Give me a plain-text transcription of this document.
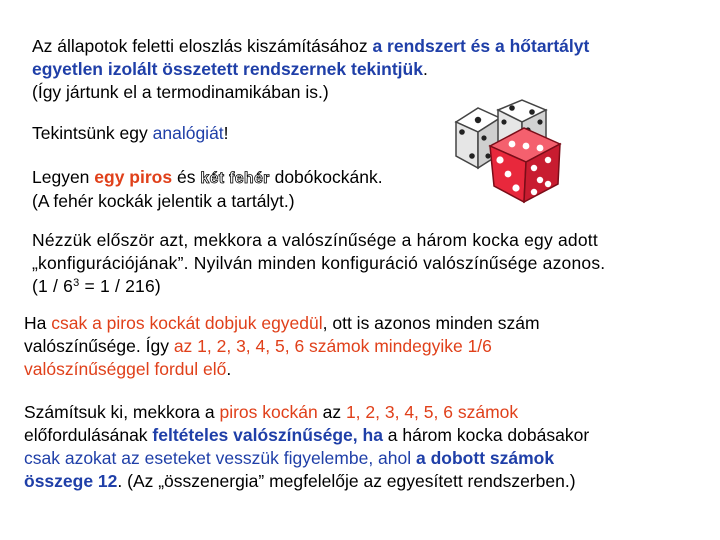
Az állapotok feletti eloszlás kiszámításához a rendszert és a hőtartályt
egyetlen izolált összetett rendszernek tekintjük.
(Így jártunk el a termodinamikában is.)
Tekintsünk egy analógiát!
Legyen egy piros és két fehér dobókockánk.
(A fehér kockák jelentik a tartályt.)
Nézzük először azt, mekkora a valószínűsége a három kocka egy adott
„konfigurációjának”. Nyilván minden konfiguráció valószínűsége azonos.
$(1 / 6^3 = 1 / 216)$
Ha csak a piros kockát dobjuk egyedül, ott is azonos minden szám
valószínűsége. Így az 1, 2, 3, 4, 5, 6 számok mindegyike 1/6
valószínűséggel fordul elő.
Számítsuk ki, mekkora a piros kockán az 1, 2, 3, 4, 5, 6 számok
előfordulásának feltételes valószínűsége, ha a három kocka dobásakor
csak azokat az eseteket vesszük figyelembe, ahol a dobott számok
összege 12. (Az „összenergia” megfelelője az egyesített rendszerben.)
